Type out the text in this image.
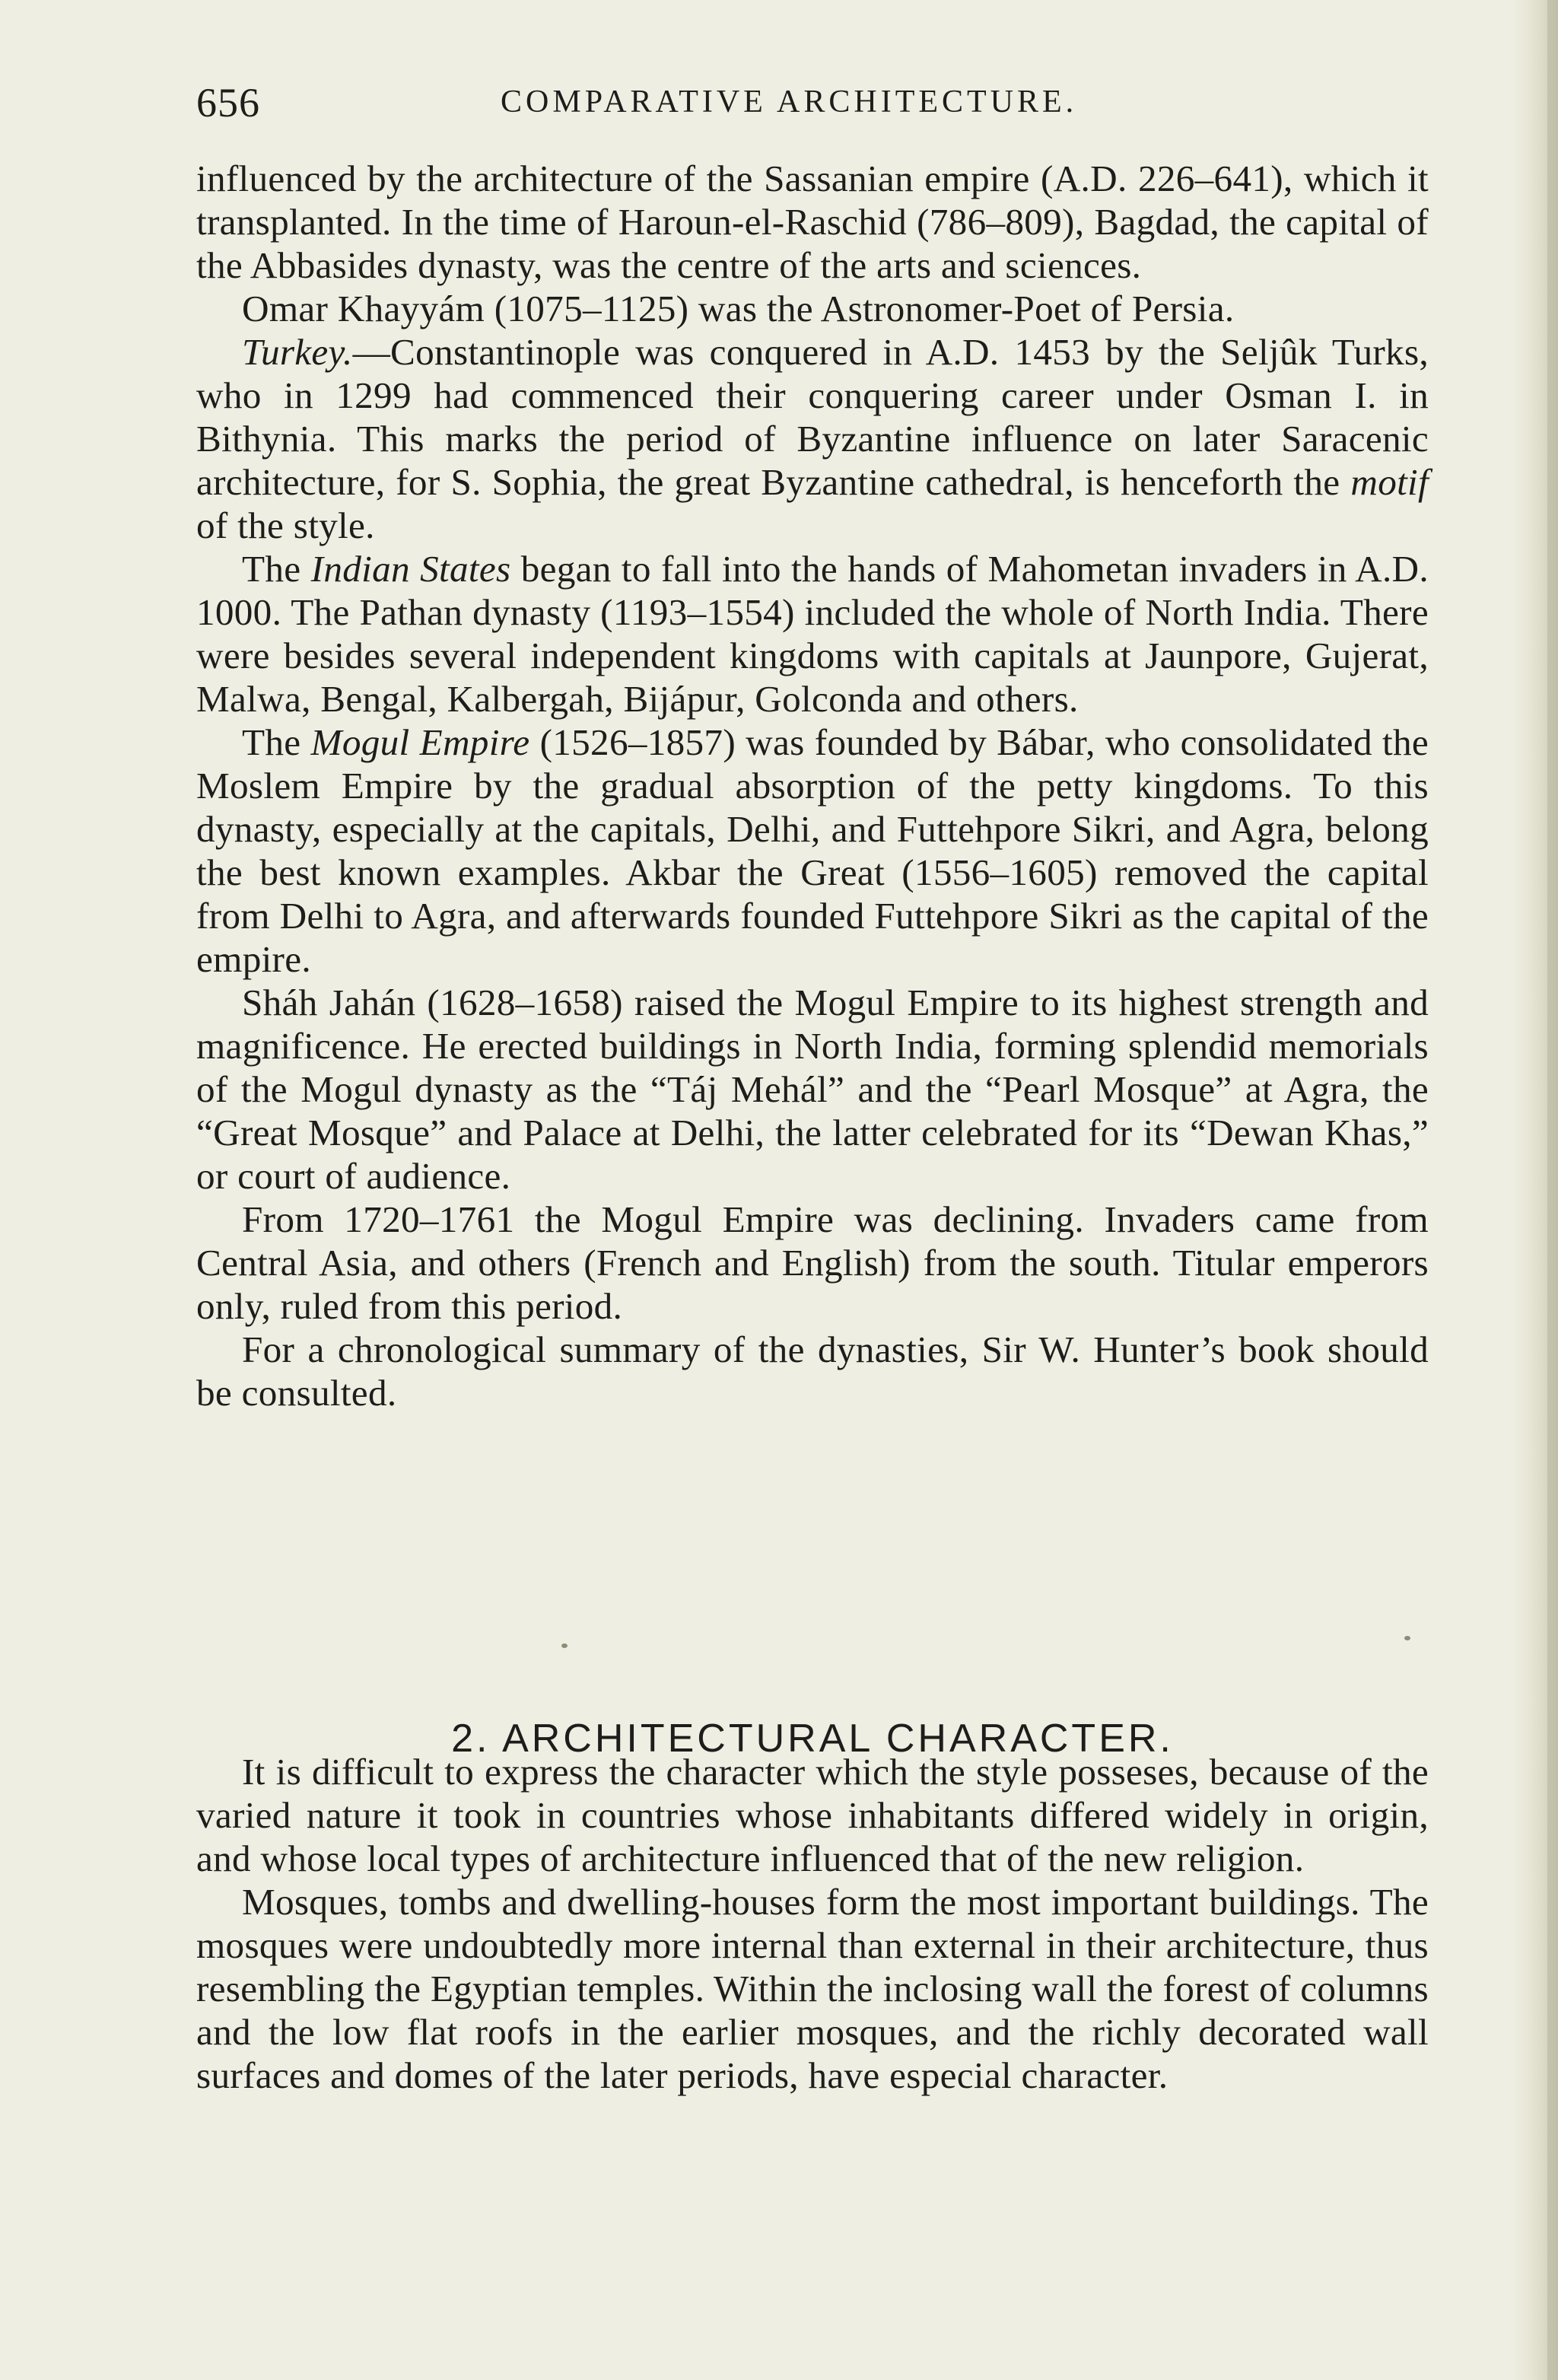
656	COMPARATIVE ARCHITECTURE.

influenced by the architecture of the Sassanian empire (A.D. 226–641), which it transplanted. In the time of Haroun-el-Raschid (786–809), Bagdad, the capital of the Abbasides dynasty, was the centre of the arts and sciences.

Omar Khayyám (1075–1125) was the Astronomer-Poet of Persia.

Turkey.—Constantinople was conquered in A.D. 1453 by the Seljûk Turks, who in 1299 had commenced their conquering career under Osman I. in Bithynia. This marks the period of Byzantine influence on later Saracenic architecture, for S. Sophia, the great Byzantine cathedral, is henceforth the motif of the style.

The Indian States began to fall into the hands of Mahometan invaders in A.D. 1000. The Pathan dynasty (1193–1554) included the whole of North India. There were besides several independent kingdoms with capitals at Jaunpore, Gujerat, Malwa, Bengal, Kalbergah, Bijápur, Golconda and others.

The Mogul Empire (1526–1857) was founded by Bábar, who consolidated the Moslem Empire by the gradual absorption of the petty kingdoms. To this dynasty, especially at the capitals, Delhi, and Futtehpore Sikri, and Agra, belong the best known examples. Akbar the Great (1556–1605) removed the capital from Delhi to Agra, and afterwards founded Futtehpore Sikri as the capital of the empire.

Sháh Jahán (1628–1658) raised the Mogul Empire to its highest strength and magnificence. He erected buildings in North India, forming splendid memorials of the Mogul dynasty as the “Táj Mehál” and the “Pearl Mosque” at Agra, the “Great Mosque” and Palace at Delhi, the latter celebrated for its “Dewan Khas,” or court of audience.

From 1720–1761 the Mogul Empire was declining. Invaders came from Central Asia, and others (French and English) from the south. Titular emperors only, ruled from this period.

For a chronological summary of the dynasties, Sir W. Hunter’s book should be consulted.

2. ARCHITECTURAL CHARACTER.

It is difficult to express the character which the style posseses, because of the varied nature it took in countries whose inhabitants differed widely in origin, and whose local types of architecture influenced that of the new religion.

Mosques, tombs and dwelling-houses form the most important buildings. The mosques were undoubtedly more internal than external in their architecture, thus resembling the Egyptian temples. Within the inclosing wall the forest of columns and the low flat roofs in the earlier mosques, and the richly decorated wall surfaces and domes of the later periods, have especial character.
